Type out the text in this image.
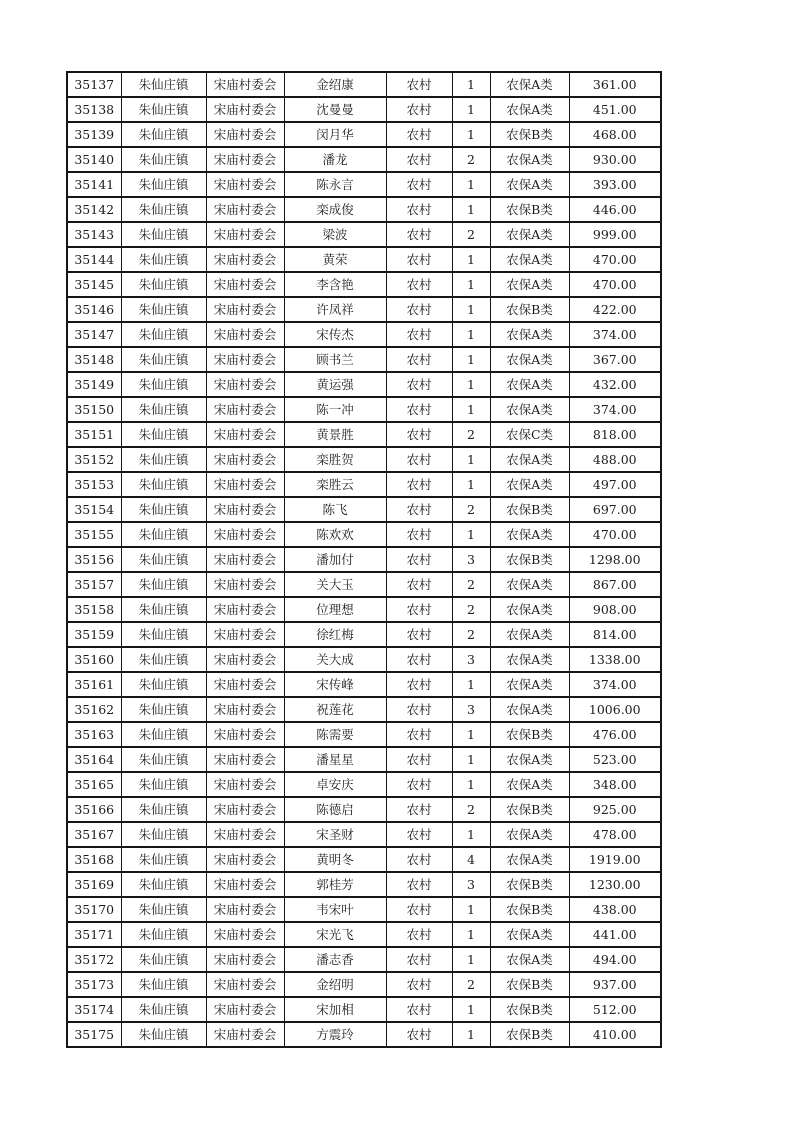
35137	朱仙庄镇	宋庙村委会	金绍康	农村	1	农保A类	361.00
35138	朱仙庄镇	宋庙村委会	沈曼曼	农村	1	农保A类	451.00
35139	朱仙庄镇	宋庙村委会	闵月华	农村	1	农保B类	468.00
35140	朱仙庄镇	宋庙村委会	潘龙	农村	2	农保A类	930.00
35141	朱仙庄镇	宋庙村委会	陈永言	农村	1	农保A类	393.00
35142	朱仙庄镇	宋庙村委会	栾成俊	农村	1	农保B类	446.00
35143	朱仙庄镇	宋庙村委会	梁波	农村	2	农保A类	999.00
35144	朱仙庄镇	宋庙村委会	黄荣	农村	1	农保A类	470.00
35145	朱仙庄镇	宋庙村委会	李含艳	农村	1	农保A类	470.00
35146	朱仙庄镇	宋庙村委会	许凤祥	农村	1	农保B类	422.00
35147	朱仙庄镇	宋庙村委会	宋传杰	农村	1	农保A类	374.00
35148	朱仙庄镇	宋庙村委会	顾书兰	农村	1	农保A类	367.00
35149	朱仙庄镇	宋庙村委会	黄运强	农村	1	农保A类	432.00
35150	朱仙庄镇	宋庙村委会	陈一冲	农村	1	农保A类	374.00
35151	朱仙庄镇	宋庙村委会	黄景胜	农村	2	农保C类	818.00
35152	朱仙庄镇	宋庙村委会	栾胜贺	农村	1	农保A类	488.00
35153	朱仙庄镇	宋庙村委会	栾胜云	农村	1	农保A类	497.00
35154	朱仙庄镇	宋庙村委会	陈飞	农村	2	农保B类	697.00
35155	朱仙庄镇	宋庙村委会	陈欢欢	农村	1	农保A类	470.00
35156	朱仙庄镇	宋庙村委会	潘加付	农村	3	农保B类	1298.00
35157	朱仙庄镇	宋庙村委会	关大玉	农村	2	农保A类	867.00
35158	朱仙庄镇	宋庙村委会	位理想	农村	2	农保A类	908.00
35159	朱仙庄镇	宋庙村委会	徐红梅	农村	2	农保A类	814.00
35160	朱仙庄镇	宋庙村委会	关大成	农村	3	农保A类	1338.00
35161	朱仙庄镇	宋庙村委会	宋传峰	农村	1	农保A类	374.00
35162	朱仙庄镇	宋庙村委会	祝莲花	农村	3	农保A类	1006.00
35163	朱仙庄镇	宋庙村委会	陈需要	农村	1	农保B类	476.00
35164	朱仙庄镇	宋庙村委会	潘星星	农村	1	农保A类	523.00
35165	朱仙庄镇	宋庙村委会	卓安庆	农村	1	农保A类	348.00
35166	朱仙庄镇	宋庙村委会	陈德启	农村	2	农保B类	925.00
35167	朱仙庄镇	宋庙村委会	宋圣财	农村	1	农保A类	478.00
35168	朱仙庄镇	宋庙村委会	黄明冬	农村	4	农保A类	1919.00
35169	朱仙庄镇	宋庙村委会	郭桂芳	农村	3	农保B类	1230.00
35170	朱仙庄镇	宋庙村委会	韦宋叶	农村	1	农保B类	438.00
35171	朱仙庄镇	宋庙村委会	宋光飞	农村	1	农保A类	441.00
35172	朱仙庄镇	宋庙村委会	潘志香	农村	1	农保A类	494.00
35173	朱仙庄镇	宋庙村委会	金绍明	农村	2	农保B类	937.00
35174	朱仙庄镇	宋庙村委会	宋加相	农村	1	农保B类	512.00
35175	朱仙庄镇	宋庙村委会	方震玲	农村	1	农保B类	410.00
